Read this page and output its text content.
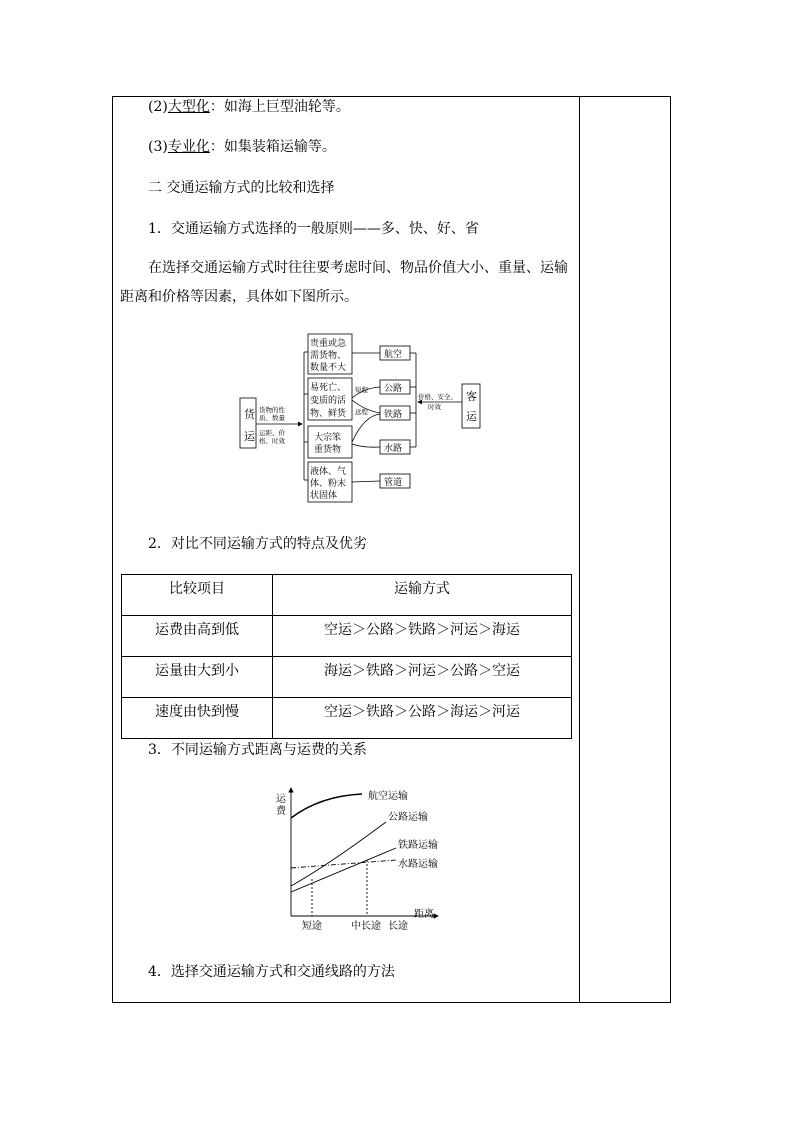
(2)大型化：如海上巨型油轮等。
(3)专业化：如集装箱运输等。
二 交通运输方式的比较和选择
1．交通运输方式选择的一般原则——多、快、好、省
在选择交通运输方式时往往要考虑时间、物品价值大小、重量、运输距离和价格等因素，具体如下图所示。
货
运
客
运
货物的性
质、数量
运距、价
格、时效
短程
远程
价格、安全、
时效
贵重或急
需货物、
数量不大
易死亡、
变质的活
物、鲜货
大宗笨
重货物
液体、气
体、粉末
状固体
航空
公路
铁路
水路
管道
2．对比不同运输方式的特点及优劣
比较项目	运输方式
运费由高到低	空运＞公路＞铁路＞河运＞海运
运量由大到小	海运＞铁路＞河运＞公路＞空运
速度由快到慢	空运＞铁路＞公路＞海运＞河运
3．不同运输方式距离与运费的关系
运
费
航空运输
公路运输
铁路运输
水路运输
距离
短途	中长途 长途
4．选择交通运输方式和交通线路的方法
